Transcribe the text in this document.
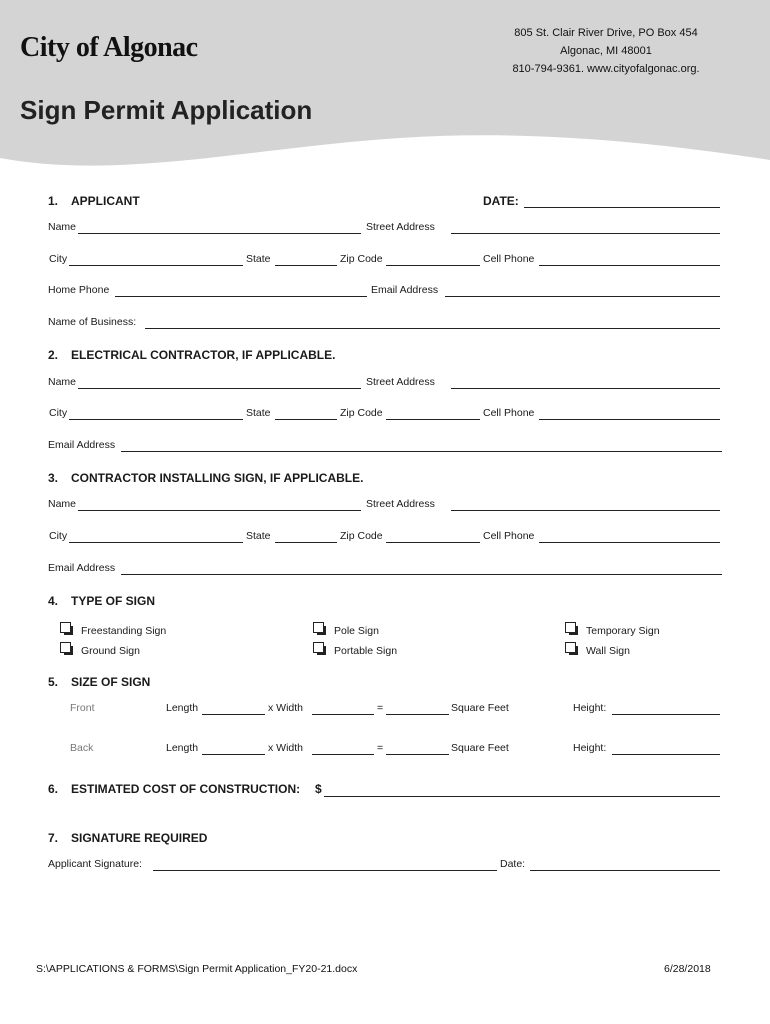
City of Algonac
Sign Permit Application
805 St. Clair River Drive, PO Box 454
Algonac, MI 48001
810-794-9361. www.cityofalgonac.org.
1. APPLICANT	DATE:
Name	Street Address
City	State	Zip Code	Cell Phone
Home Phone	Email Address
Name of Business:
2. ELECTRICAL CONTRACTOR, IF APPLICABLE.
Name	Street Address
City	State	Zip Code	Cell Phone
Email Address
3. CONTRACTOR INSTALLING SIGN, IF APPLICABLE.
Name	Street Address
City	State	Zip Code	Cell Phone
Email Address
4. TYPE OF SIGN
Freestanding Sign	Pole Sign	Temporary Sign
Ground Sign	Portable Sign	Wall Sign
5. SIZE OF SIGN
Front	Length	x Width	=	Square Feet	Height:
Back	Length	x Width	=	Square Feet	Height:
6. ESTIMATED COST OF CONSTRUCTION: $
7. SIGNATURE REQUIRED
Applicant Signature:	Date:
S:\APPLICATIONS & FORMS\Sign Permit Application_FY20-21.docx	6/28/2018
